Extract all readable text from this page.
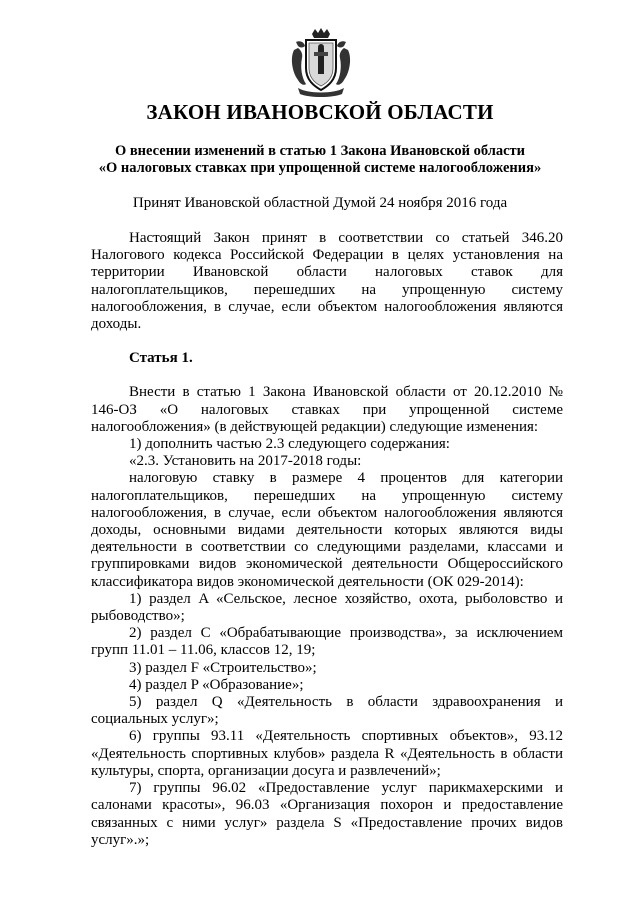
ЗАКОН ИВАНОВСКОЙ ОБЛАСТИ
О внесении изменений в статью 1 Закона Ивановской области
«О налоговых ставках при упрощенной системе налогообложения»
Принят Ивановской областной Думой 24 ноября 2016 года

Настоящий Закон принят в соответствии со статьей 346.20 Налогового кодекса Российской Федерации в целях установления на территории Ивановской области налоговых ставок для налогоплательщиков, перешедших на упрощенную систему налогообложения, в случае, если объектом налогообложения являются доходы.

Статья 1.

Внести в статью 1 Закона Ивановской области от 20.12.2010 № 146-ОЗ «О налоговых ставках при упрощенной системе налогообложения» (в действующей редакции) следующие изменения:

1) дополнить частью 2.3 следующего содержания:

«2.3. Установить на 2017-2018 годы:

налоговую ставку в размере 4 процентов для категории налогоплательщиков, перешедших на упрощенную систему налогообложения, в случае, если объектом налогообложения являются доходы, основными видами деятельности которых являются виды деятельности в соответствии со следующими разделами, классами и группировками видов экономической деятельности Общероссийского классификатора видов экономической деятельности (ОК 029-2014):

1) раздел A «Сельское, лесное хозяйство, охота, рыболовство и рыбоводство»;

2) раздел C «Обрабатывающие производства», за исключением групп 11.01 – 11.06, классов 12, 19;

3) раздел F «Строительство»;

4) раздел P «Образование»;

5) раздел Q «Деятельность в области здравоохранения и социальных услуг»;

6) группы 93.11 «Деятельность спортивных объектов», 93.12 «Деятельность спортивных клубов» раздела R «Деятельность в области культуры, спорта, организации досуга и развлечений»;

7) группы 96.02 «Предоставление услуг парикмахерскими и салонами красоты», 96.03 «Организация похорон и предоставление связанных с ними услуг» раздела S «Предоставление прочих видов услуг».»;
